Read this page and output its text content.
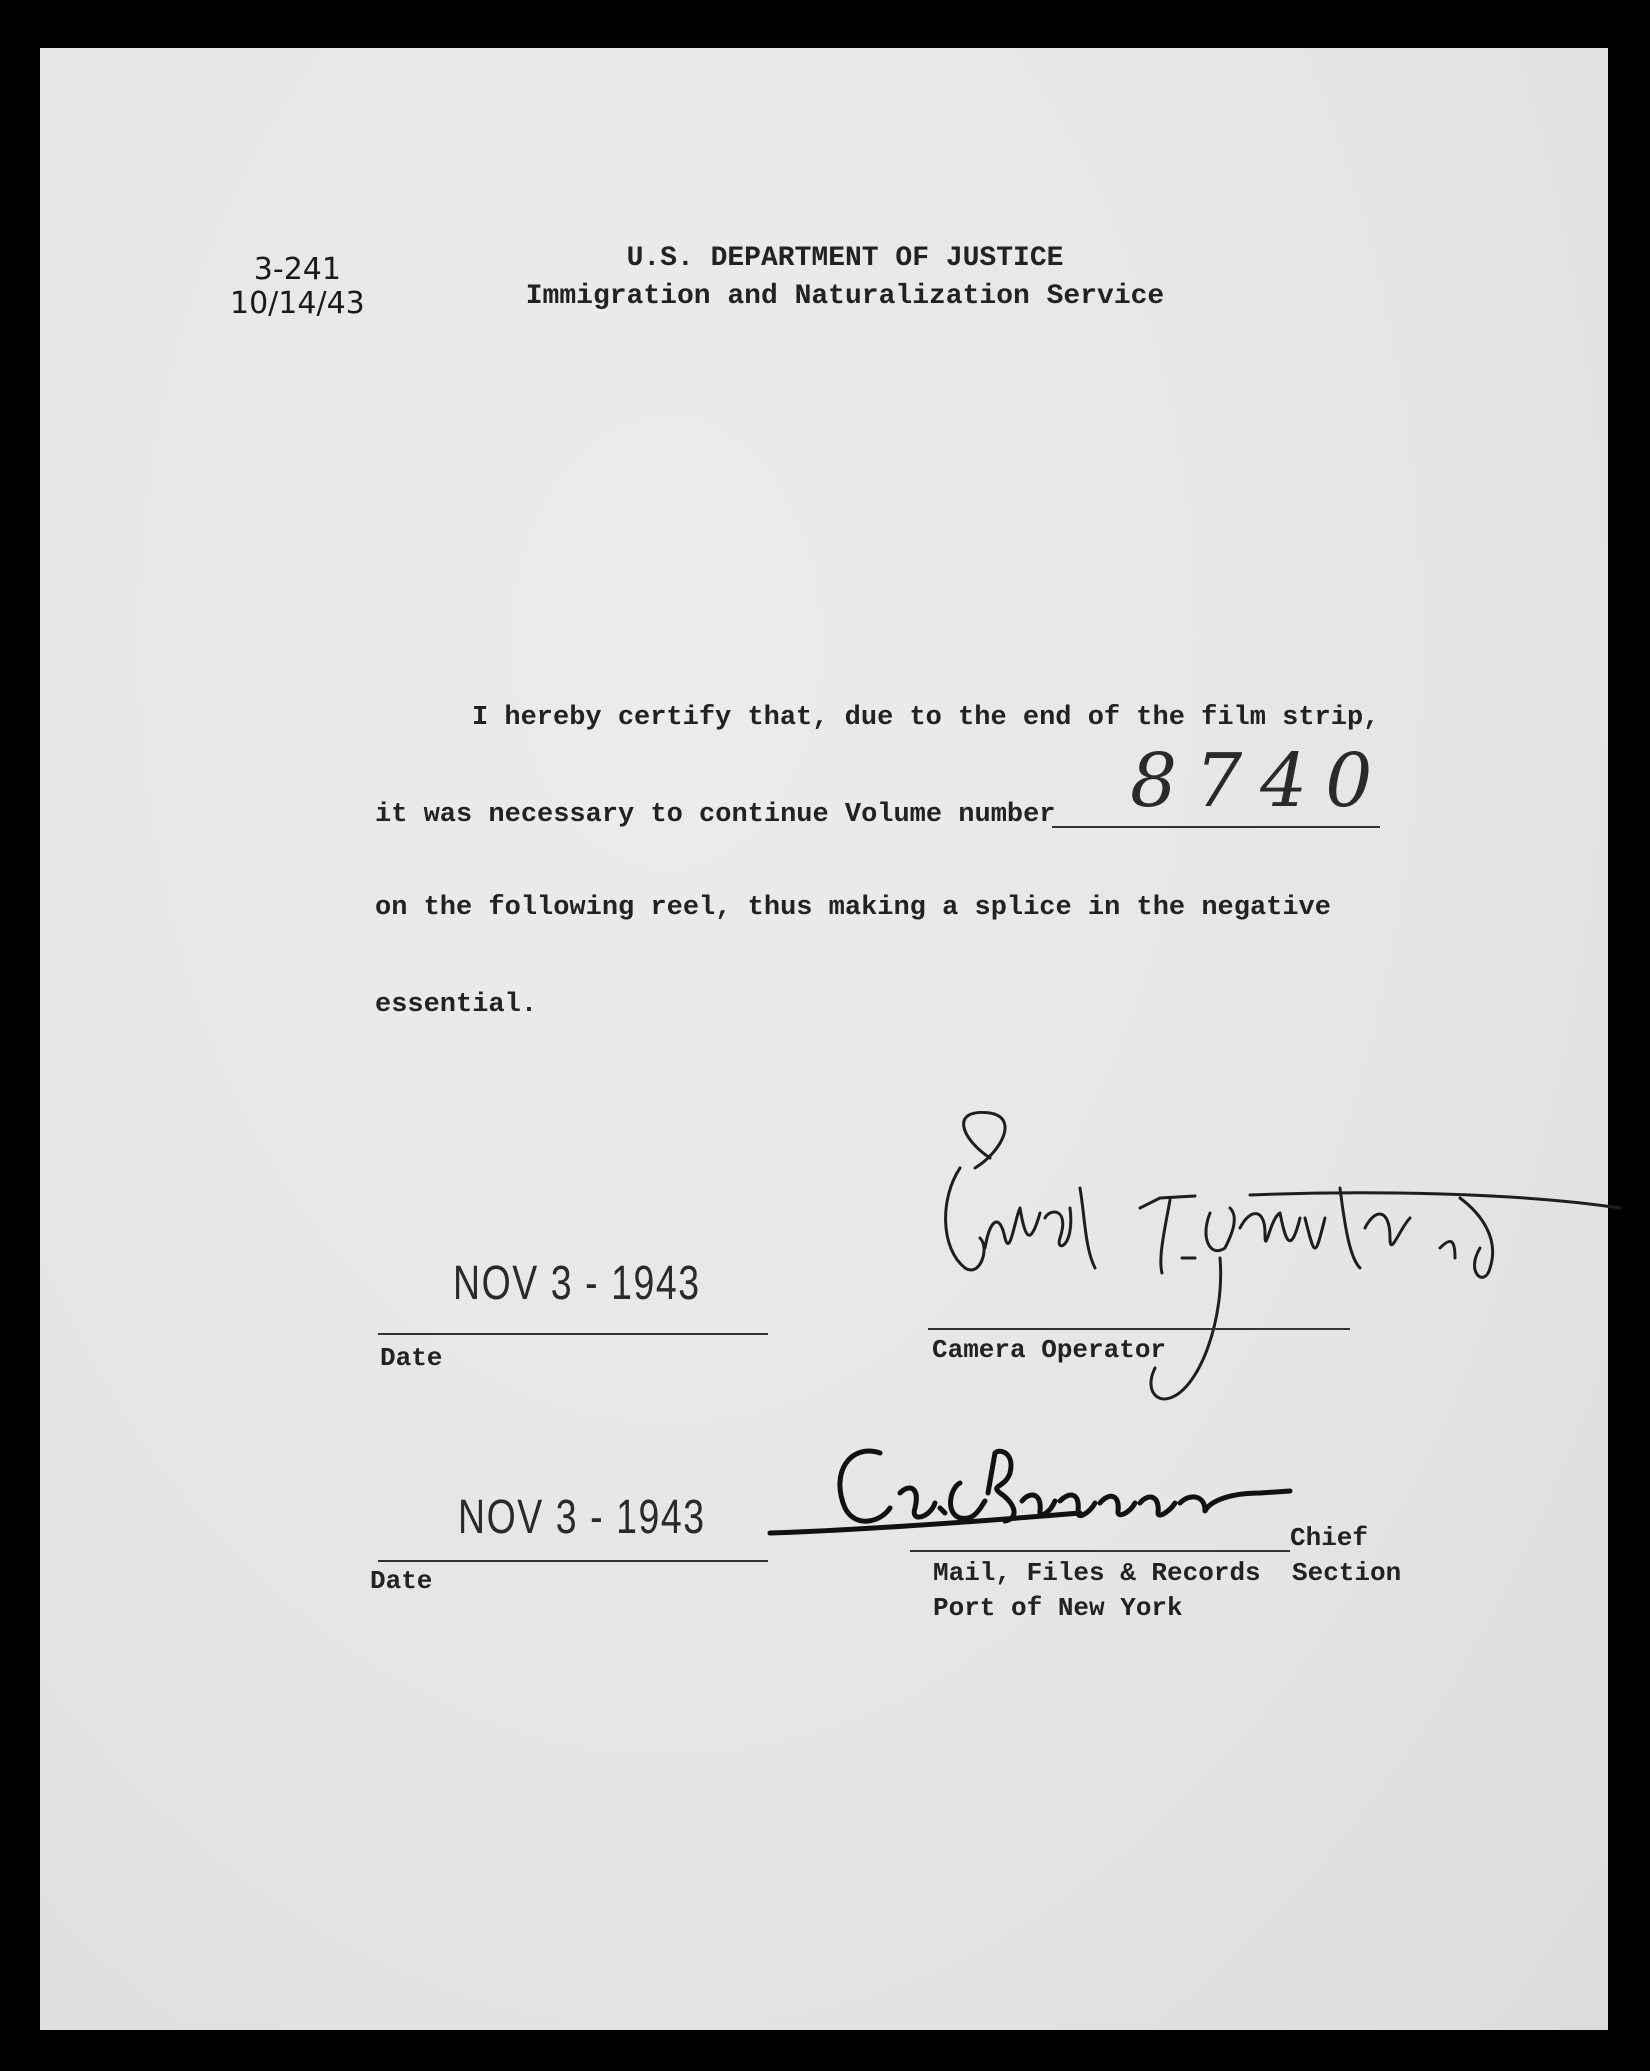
3-241
10/14/43
U.S. DEPARTMENT OF JUSTICE
Immigration and Naturalization Service
I hereby certify that, due to the end of the film strip,
it was necessary to continue Volume number 8740
on the following reel, thus making a splice in the negative
essential.
NOV 3 - 1943
Date	Camera Operator
NOV 3 - 1943
Date
Chief
Mail, Files & Records Section
Port of New York
